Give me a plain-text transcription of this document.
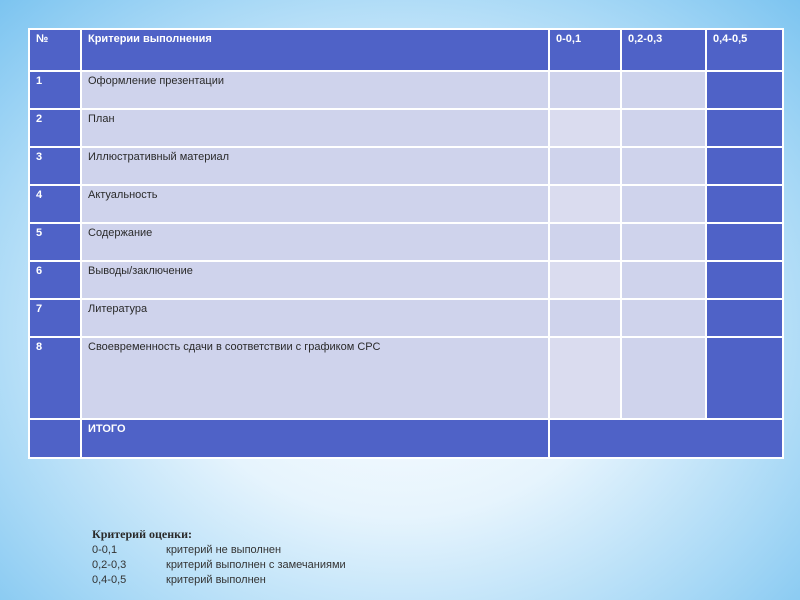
№	Критерии выполнения	0-0,1	0,2-0,3	0,4-0,5
1	Оформление презентации			
2	План			
3	Иллюстративный материал			
4	Актуальность			
5	Содержание			
6	Выводы/заключение			
7	Литература			
8	Своевременность сдачи в соответствии с графиком СРС			
	ИТОГО			
Критерий оценки:
0-0,1	критерий не выполнен
0,2-0,3	критерий выполнен с замечаниями
0,4-0,5	критерий выполнен
